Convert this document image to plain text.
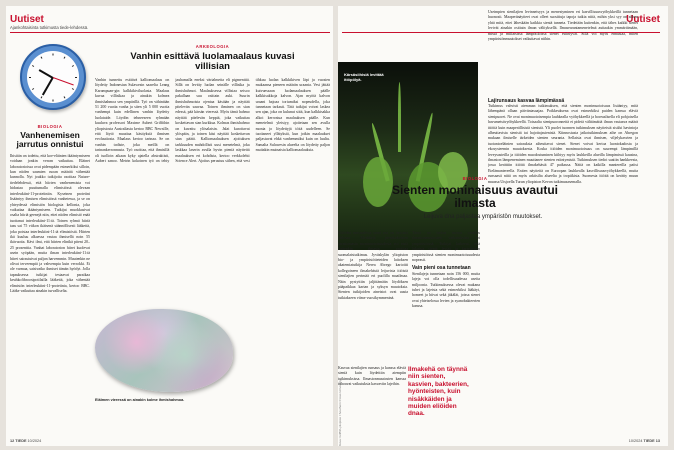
Uutiset
Ajankohtaisinta tutkimusta tiede-lehdessä.
BIOLOGIA
Vanhenemisen jarrutus onnistui
Ihisiäin on todettu, että koe-eläinten ikääntymiseen voidaan jonkin verran vaikuttaa. Eläinet laboratorioissa ovat pidempään esimerkiksi silloin, kun niiden saamien ruoan määrää vähentää kunnolla. Nyt joukko tutkijoita osoittaa Nature-tiedelehdessä, että hiirten vanhenemista voi hidastaa puuttumalla elimistössä olevaan interleukiini-11-proteiiniin. Kyseinen proteiini lisääntyy ihmisen elimistössä vanhetessa, ja se on yhteydessä elimistön biologisia kellonia, joka vaikuttaa ikääntymiseen. Tutkijat muokkasivat osalta hiiriä geenejä niin, ettei niiden elimistö enää tuottanut interleukiini-11:tä. Toinen ryhmä hiiriä taas sai 75 viikon ikäisenä säännöllisesti lääkettä, joka poistaa interleukiini-11:tä elimistöstä. Hiirten ikä kuuluu alkaessa vastaa ihmisellä noin 55 ikävuotta. Kävi ilmi, että hiirten elinikä piteni 20–25 prosenttia. Vanhat laboratorion hiiret kuolevat usein syöpään, mutta ilman interleukiini-11:tä hiiret sairastuivat paljon harvemmin. Muutenkin ne olivat terveempiä ja vahvempia kuin verrokki. Ei ole varmaa, saisivatko ihmiset tämän hyödyt. Jolla tapauksessa tutkijat testaavat paraikaa keuhkofibroosipotilailla lääkettä, joka vähentää elimistön interleukiini-11-proteiinia, kertoo BBC. Lääke vaikuttaa ainakin turvalliselta.
ARKEOLOGIA
Vanhin esittävä luolamaalaus kuvasi villisian
Vanhin tunnettu esittävä kalliomaalaus on löydetty Indonesian Sulawesin saarelta Leang Karampuan-gin kalkkikiviluolasta. Maalaus kuvaa villisikaa ja ainakin kolmea ihmishahmoa sen ympärillä. Työ on vähintään 51 200 vuotta vanha ja siten yli 5 000 vuotta vanhempi kuin edellinen vanhin löydetty luolataide. Löydön tehneeseen ryhmään kuuluva professori Maxime Aubert Griffithin yliopistosta Australiasta kertoo BBC Newsille, että löytö muuttaa käsityksiä ihmisen evoluutiosta. Maalaus kertoo tarinaa. Se on vanhin todiste, joka meillä on tarinankerronnasta. Työ osoittaa, että ihmisillä oli tuolloin aikaan kyky ajatella abstraktisti, Aubert sanoo. Metrin kokoinen työ on tehty jauhamalla eneksi värialmetta eli pigmenttiä. Sillä on levitty luolan seinälle villisika ja ihmishahmot. Maalauksessa villisiaa seisoo pakallaan suu osittain auki. Suurin ihmishahmoista ojentaa käsiään ja näyttää pitelevän sauvaa. Toinen ihminen on sian edessä, pää kärsän vieressä. Myös tämä hahmo näyttää pitelevän keppiä, joka vaikuttaa koskettavan sian kurkkua. Kolmas ihmishahmo on kuvattu ylösalaisin. Jalat kurottavat ylöspäin, ja toinen käsi näyttää koskettavan sian päätä. Kalliomaalauksen ajoituksen tarkkuuden mahdollisti uusi menetelmä, joka laskkaa laserin avulla hyvin pieniä näytteitä maalauksen eri kohdista, kertoo verkkolehti Science Alert. Ajoitus perustuu siihen, että vesi tihkuu luolan kalkkikiven läpi ja vuosien mukaansa pieneen määrän uraania. Vesi jättää kuivuessaan luolamaalauksen päälle kalkkisakkoja kalvon. Ajan myötä kalvon uraani hajoaa toriumiksi nopeudella, joka tunnetaan tarkasti. Tätä tutkijat voivat laskea sen ajan, joka on kulunut siitä, kun kalkkisakka alkoi kerrostua maalauksen päälle. Kun menetelmä yleistyy, ajoitetaan sen avulla monia jo löydettyjä töitä uudelleen. Se tuottaneet yllätyksiä, kun jotkin maalaukset paljastuvat ehkä vanhemmiksi kuin on luultu. Samalta Sulawesin alueelta on löydetty paljon muitakin muinaisia kalliomaalauksia.
Eläimen vieressä on ainakin kolme ihmishahmoa.
12 TIEDE 10/2024
Uutiset
Kärsäsiihisiä levittää itiöpölyä.
Kuva: Griffith-yliopisto / Southern Cross University
BIOLOGIA
Sienten moninaisuus avautui ilmasta
Leijuva dna paljastaa ympäristön muutokset.
Eliöiden runsaudesta suuri osa on tietoista piilossa. Merkkejä pienikokoisten tavattomasta moninuotoisuudesta voi etsiä kuitenkin ilmasta, osoittaa suomalaistutkimus. Jyväskylän yliopiston bio- ja ympäristötieteiden laitoksen akatemiatutkija Nerea Abrego kartoitti kollegoineen ilmakehästä leijuvista itiöistä sienilajien perimää eri puolilla maailmaa. Näin pystyttiin jaljittämään löydöksen pääpaikkaa kartan ja syksyn muutoksia. Sienten tutkijoiden aineistot ovat uusia tutkiakseen viime vuosikymmeninä.
Tämä on tiedon tuoma oivallus ilmastonmuutosten vaikutuksista eri ympäristöissä. Tutkijat laskevat, että lukuisia sieniä leviää ja kartoitettiin ympäristöissä sienien monimuotoisuudesta nopeasti.
Vain pieni osa tunnetaan
Sienilajeja tunnetaan noin 156 000, mutta lajeja voi olla todellisuudessa useita miljoonia. Tutkimuksessa olevat mukana tuhet ja lajeista sekä esimerkiksi lääkäyt, homeet ja hiivat sekä jäkälät, joissa sienet ovat yhteiselossa levien ja syanobakteerien kanssa.
Kasvaa sienilajien runsaus ja kanssa eläviä sieniä kuin löydettiin aiempiin tutkimuksissa. Ilmastonmuutosten kanssa tuhoavat vaikutuksia kasvaviin lajeihin.
Ilmakehä on täynnä niin sienten, kasvien, bakteerien, hyönteisten, kuin nisäkkäiden ja muiden eliöiden dnaa.
Useimpien sienilajien levinneisyys ja menestyminen eri kasvillisuusvyöhykkeillä tunnetaan huonosti. Maaperänäytteet ovat olleet suosittuja tapoja tutkia niitä, mihin yksi syy on siihen yhtä mitä, ettei läheskään kaikkia sieniä tunneta. Tiedetään kuitenkin, että tähes kaikki sienet levivät ainakin osittain ilman välityksellä. Ilmasearantamenetelmä auttaakin ymmärtämään, missä ja millaisissa lämpötiloissa sienet esiintyvät. Sillä voi myös ennustaa, miten ympäristönmuutokset vaikuttavat niihin.
Lajirunsaus kasvaa lämpimässä
Tutkimus vahvisti aiemman tutkimuksen, että sienten monimuotoisuus lisääntyy, mitä lähempänä ollaan päiväntasaajaa. Poikkeuksena ovat esimerkiksi puiden kanssa eläviä sienipuoret. Ne ovat monimuotoisempia lauhkealla vyöhykkeellä ja boreaalisella eli pohjoisella havumetsävyöhykkeellä. Toisaalta sienipuoronneitä ei pidetä välttämättä ilman vastaava määrä itiöitä kuin maaperällisistä sienistä. Yli puolet tuonnen tutkimuksen näytteistä sisälsi havintoja alheuttavista sienistä tai hajottajasienistä. Kiinnostusta jatkotutkimuksen aihe on Abregon mukaan ilmiselle tärkeiden sienten seuranta. Sellaisia ovat ihmisen, viljelykasvien ja tuotantoeläinten sairauksia aiheuttavat sienet. Sienet voivat kertoa luontokadosta ja ekosysteemin muutoksesta. Koska itiöiden monimuotoisuus on suurempi lämpimillä leveysasteilla ja itiöiden muodostuminen kiihtyy myös lauhkeilla alueilla lämpimissä kausina, ilmaston lämpeneminen muuttanee sienten esiintymistä. Tutkimuksen tiedot saatiin hankkeesta, jossa kerättiin itiöitä ilmakehästä 47 paikassa. Näitä on kaikilla mantereilla paitsi Etelämantereella. Eniten näytteitä on Euroopan lauhkealla kasvillisuusvyöhykkeellä, mutta runsaasti niitä on myös arktisilta alueelta ja tropiikista. Suomesta itiöitä on kerätty muun muassa Utsjoella Turun yliopiston Kevon tutkimusasemalla.
10/2024 TIEDE 13
